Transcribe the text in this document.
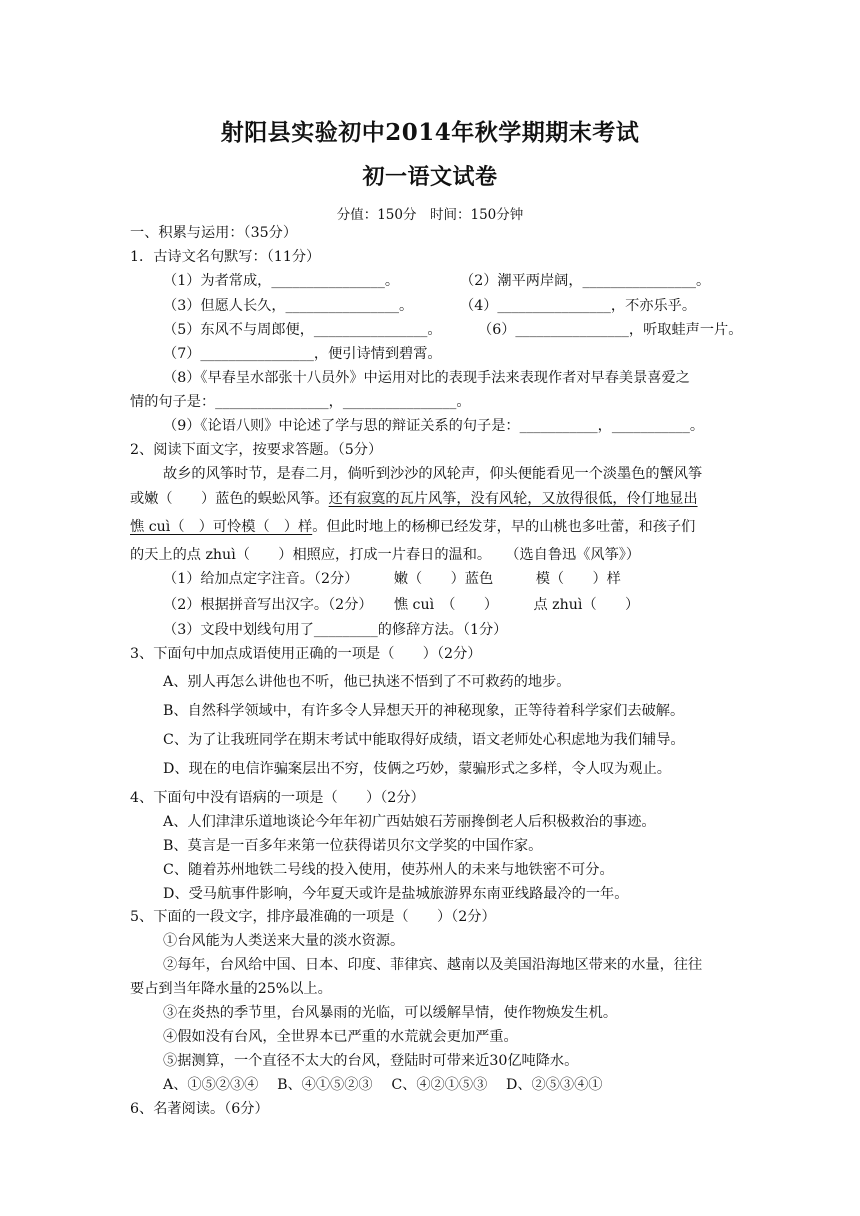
射阳县实验初中2014年秋学期期末考试
初一语文试卷
分值：150分　时间：150分钟
一、积累与运用：（35分）
1．古诗文名句默写：（11分）
（1）为者常成，________________。	（2）潮平两岸阔，________________。
（3）但愿人长久，________________。	（4）________________，不亦乐乎。
（5）东风不与周郎便，________________。	（6）________________，听取蛙声一片。
（7）________________，便引诗情到碧霄。
（8）《早春呈水部张十八员外》中运用对比的表现手法来表现作者对早春美景喜爱之
情的句子是：________________，________________。
（9）《论语八则》中论述了学与思的辩证关系的句子是：___________，___________。
2、阅读下面文字，按要求答题。（5分）
故乡的风筝时节，是春二月，倘听到沙沙的风轮声，仰头便能看见一个淡墨色的蟹风筝
或嫩（　　）蓝色的蜈蚣风筝。还有寂寞的瓦片风筝，没有风轮，又放得很低，伶仃地显出
憔 cuì（　）可怜模（　）样。但此时地上的杨柳已经发芽，早的山桃也多吐蕾，和孩子们
的天上的点 zhuì（　　）相照应，打成一片春日的温和。　　（选自鲁迅《风筝》）
（1）给加点定字注音。（2分）　　　嫩（　　）蓝色　　　模（　　）样
（2）根据拼音写出汉字。（2分）　　憔 cuì　（　　）　　　点 zhuì（　　）
（3）文段中划线句用了_________的修辞方法。（1分）
3、下面句中加点成语使用正确的一项是（　　）（2分）
A、别人再怎么讲他也不听，他已执迷不悟到了不可救药的地步。
B、自然科学领域中，有许多令人异想天开的神秘现象，正等待着科学家们去破解。
C、为了让我班同学在期末考试中能取得好成绩，语文老师处心积虑地为我们辅导。
D、现在的电信诈骗案层出不穷，伎俩之巧妙，蒙骗形式之多样，令人叹为观止。
4、下面句中没有语病的一项是（　　）（2分）
A、人们津津乐道地谈论今年年初广西姑娘石芳丽搀倒老人后积极救治的事迹。
B、莫言是一百多年来第一位获得诺贝尔文学奖的中国作家。
C、随着苏州地铁二号线的投入使用，使苏州人的未来与地铁密不可分。
D、受马航事件影响，今年夏天或许是盐城旅游界东南亚线路最冷的一年。
5、下面的一段文字，排序最准确的一项是（　　）（2分）
①台风能为人类送来大量的淡水资源。
②每年，台风给中国、日本、印度、菲律宾、越南以及美国沿海地区带来的水量，往往
要占到当年降水量的25%以上。
③在炎热的季节里，台风暴雨的光临，可以缓解旱情，使作物焕发生机。
④假如没有台风，全世界本已严重的水荒就会更加严重。
⑤据测算，一个直径不太大的台风，登陆时可带来近30亿吨降水。
A、①⑤②③④　 B、④①⑤②③　 C、④②①⑤③　 D、②⑤③④①
6、名著阅读。（6分）
